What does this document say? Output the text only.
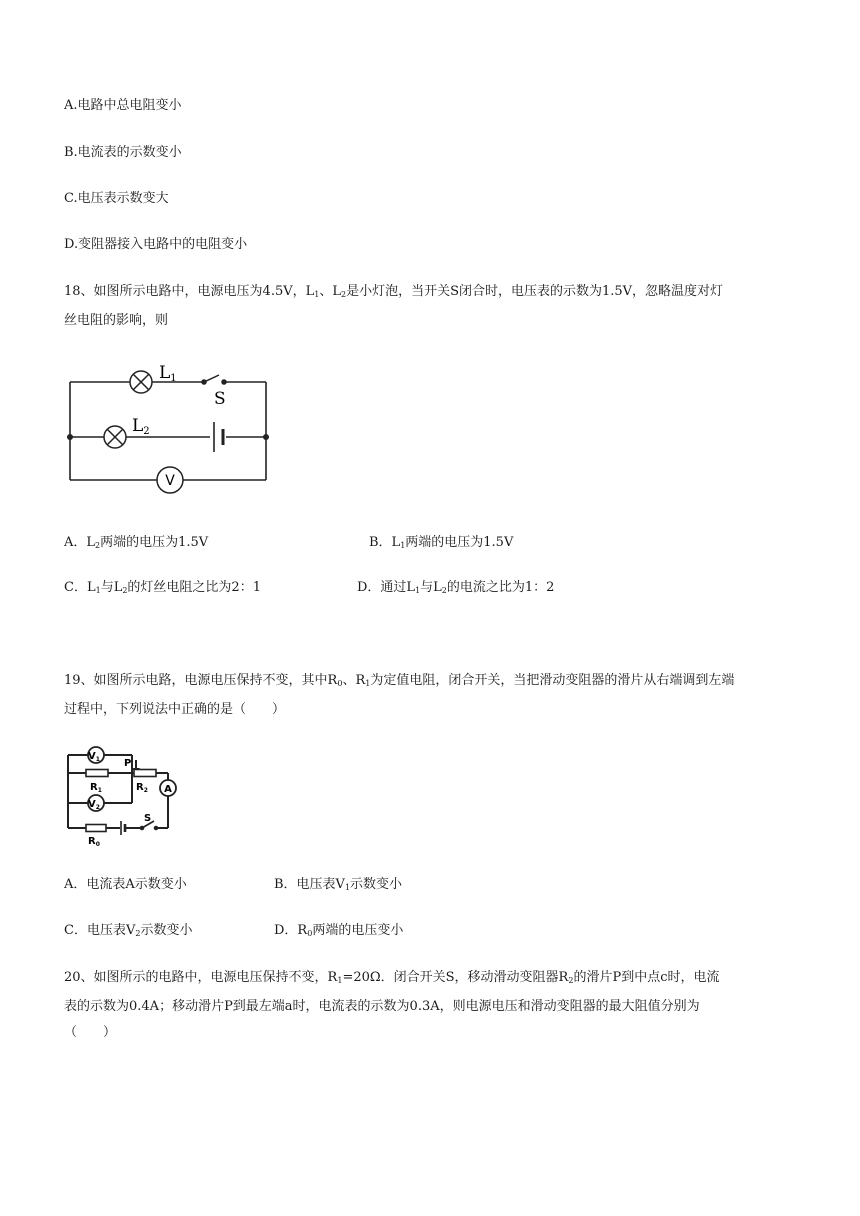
A.电路中总电阻变小
B.电流表的示数变小
C.电压表示数变大
D.变阻器接入电路中的电阻变小
18、如图所示电路中，电源电压为4.5V，$L_1$、$L_2$是小灯泡，当开关S闭合时，电压表的示数为1.5V，忽略温度对灯
丝电阻的影响，则
V
L1
S
L2
A．$L_2$两端的电压为1.5V	B．$L_1$两端的电压为1.5V
C．$L_1$与$L_2$的灯丝电阻之比为2：1	D．通过$L_1$与$L_2$的电流之比为1：2
19、如图所示电路，电源电压保持不变，其中$R_0$、$R_1$为定值电阻，闭合开关，当把滑动变阻器的滑片从右端调到左端
过程中，下列说法中正确的是（　　）
$V_1$
A
$V_2$
P
$R_1$	$R_2$
S
$R_0$
A．电流表A示数变小	B．电压表$V_1$示数变小
C．电压表$V_2$示数变小	D．$R_0$两端的电压变小
20、如图所示的电路中，电源电压保持不变，$R_1=20\Omega$．闭合开关S，移动滑动变阻器$R_2$的滑片P到中点c时，电流
表的示数为0.4A；移动滑片P到最左端a时，电流表的示数为0.3A，则电源电压和滑动变阻器的最大阻值分别为
（　　）
